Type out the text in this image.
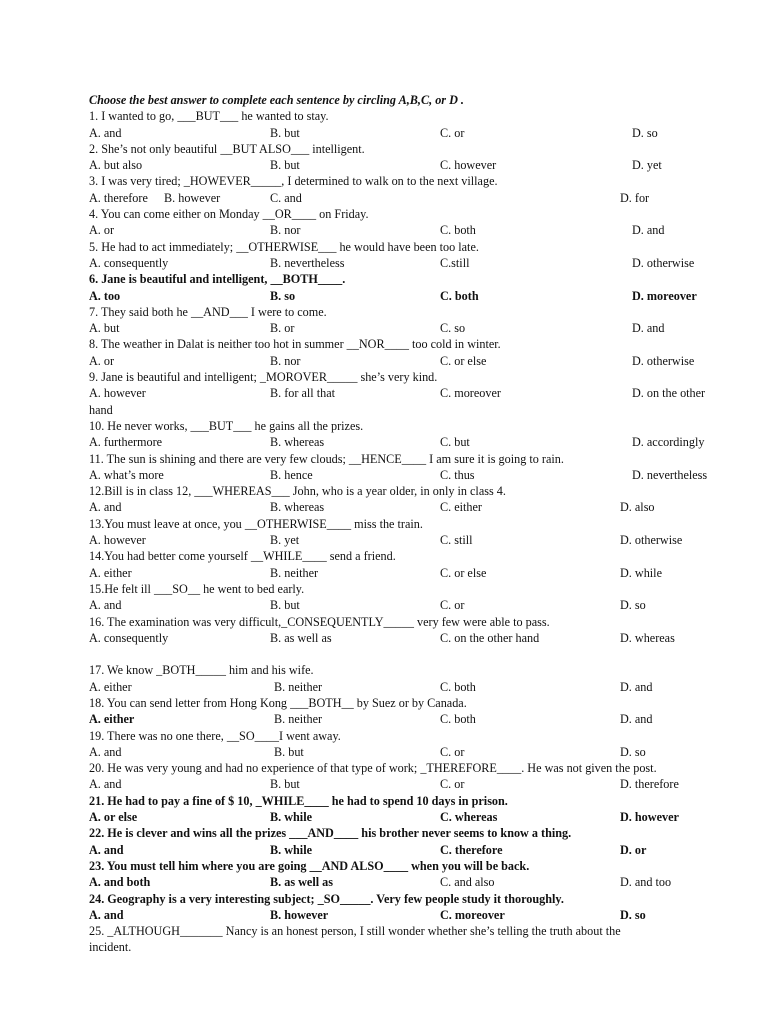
Choose the best answer to complete each sentence by circling A,B,C, or D .
1. I wanted to go, ___BUT___ he wanted to stay.
A. and	B. but	C. or	D. so
2. She’s not only beautiful __BUT ALSO___ intelligent.
A. but also	B. but	C. however	D. yet
3. I was very tired; _HOWEVER_____, I determined to walk on to the next village.
A. therefore B. however	C. and	D. for
4. You can come either on Monday __OR____ on Friday.
A. or	B. nor	C. both	D. and
5. He had to act immediately; __OTHERWISE___ he would have been too late.
A. consequently	B. nevertheless	C.still	D. otherwise
6. Jane is beautiful and intelligent, __BOTH____.
A. too	B. so	C. both	D. moreover
7. They said both he __AND___ I were to come.
A. but	B. or	C. so	D. and
8. The weather in Dalat is neither too hot in summer __NOR____ too cold in winter.
A. or	B. nor	C. or else	D. otherwise
9. Jane is beautiful and intelligent; _MOROVER_____ she’s very kind.
A. however	B. for all that	C. moreover	D. on the other
hand
10. He never works, ___BUT___ he gains all the prizes.
A. furthermore	B. whereas	C. but	D. accordingly
11. The sun is shining and there are very few clouds; __HENCE____ I am sure it is going to rain.
A. what’s more	B. hence	C. thus	D. nevertheless
12.Bill is in class 12, ___WHEREAS___ John, who is a year older, in only in class 4.
A. and	B. whereas	C. either	D. also
13.You must leave at once, you __OTHERWISE____ miss the train.
A. however	B. yet	C. still	D. otherwise
14.You had better come yourself __WHILE____ send a friend.
A. either	B. neither	C. or else	D. while
15.He felt ill ___SO__ he went to bed early.
A. and	B. but	C. or	D. so
16. The examination was very difficult,_CONSEQUENTLY_____ very few were able to pass.
A. consequently	B. as well as	C. on the other hand	D. whereas
17. We know _BOTH_____ him and his wife.
A. either	B. neither	C. both	D. and
18. You can send letter from Hong Kong ___BOTH__ by Suez or by Canada.
A. either	B. neither	C. both	D. and
19. There was no one there, __SO____I went away.
A. and	B. but	C. or	D. so
20. He was very young and had no experience of that type of work; _THEREFORE____. He was not given the post.
A. and	B. but	C. or	D. therefore
21. He had to pay a fine of $ 10, _WHILE____ he had to spend 10 days in prison.
A. or else	B. while	C. whereas	D. however
22. He is clever and wins all the prizes ___AND____ his brother never seems to know a thing.
A. and	B. while	C. therefore	D. or
23. You must tell him where you are going __AND ALSO____ when you will be back.
A. and both	B. as well as	C. and also	D. and too
24. Geography is a very interesting subject; _SO_____. Very few people study it thoroughly.
A. and	B. however	C. moreover	D. so
25. _ALTHOUGH_______ Nancy is an honest person, I still wonder whether she’s telling the truth about the
incident.
